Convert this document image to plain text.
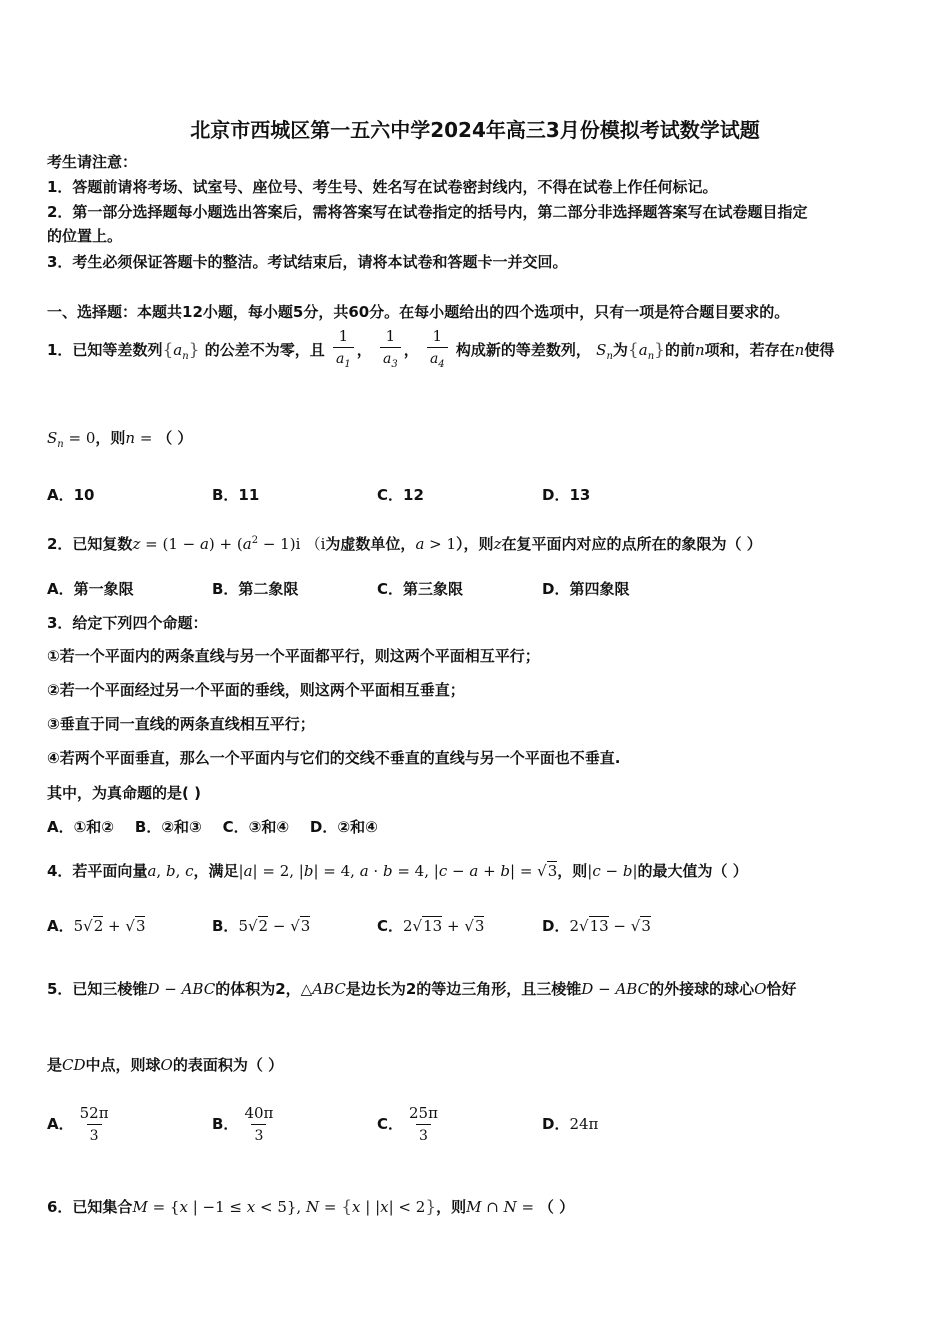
北京市西城区第一五六中学2024年高三3月份模拟考试数学试题
考生请注意：
1．答题前请将考场、试室号、座位号、考生号、姓名写在试卷密封线内，不得在试卷上作任何标记。
2．第一部分选择题每小题选出答案后，需将答案写在试卷指定的括号内，第二部分非选择题答案写在试卷题目指定
的位置上。
3．考生必须保证答题卡的整洁。考试结束后，请将本试卷和答题卡一并交回。
一、选择题：本题共12小题，每小题5分，共60分。在每小题给出的四个选项中，只有一项是符合题目要求的。
1．已知等差数列$\{a_n\}$ 的公差不为零，且 $\frac{1}{a_1}$ ， $\frac{1}{a_3}$ ， $\frac{1}{a_4}$ 构成新的等差数列， $S_n$为$\{a_n\}$的前n项和，若存在n使得
$S_n = 0$，则n = （ ）
A．10	B．11	C．12	D．13
2．已知复数$z = (1 - a) + (a^2 - 1)i$ （i为虚数单位，a > 1），则z在复平面内对应的点所在的象限为（ ）
A．第一象限	B．第二象限	C．第三象限	D．第四象限
3．给定下列四个命题：
①若一个平面内的两条直线与另一个平面都平行，则这两个平面相互平行；
②若一个平面经过另一个平面的垂线，则这两个平面相互垂直；
③垂直于同一直线的两条直线相互平行；
④若两个平面垂直，那么一个平面内与它们的交线不垂直的直线与另一个平面也不垂直.
其中，为真命题的是( )
A．①和②    B．②和③    C．③和④    D．②和④
4．若平面向量a, b, c，满足|a| = 2, |b| = 4, a · b = 4, |c − a + b| = √3，则|c − b|的最大值为（ ）
A．5√2 + √3	B．5√2 − √3	C．2√13 + √3	D．2√13 − √3
5．已知三棱锥D − ABC的体积为2，△ABC是边长为2的等边三角形，且三棱锥D − ABC的外接球的球心O恰好
是CD中点，则球O的表面积为（ ）
A． $\frac{52\pi}{3}$	B． $\frac{40\pi}{3}$	C． $\frac{25\pi}{3}$	D．24π
6．已知集合M = {x | −1 ≤ x < 5}, N = {x | |x| < 2}，则M ∩ N = （ ）
